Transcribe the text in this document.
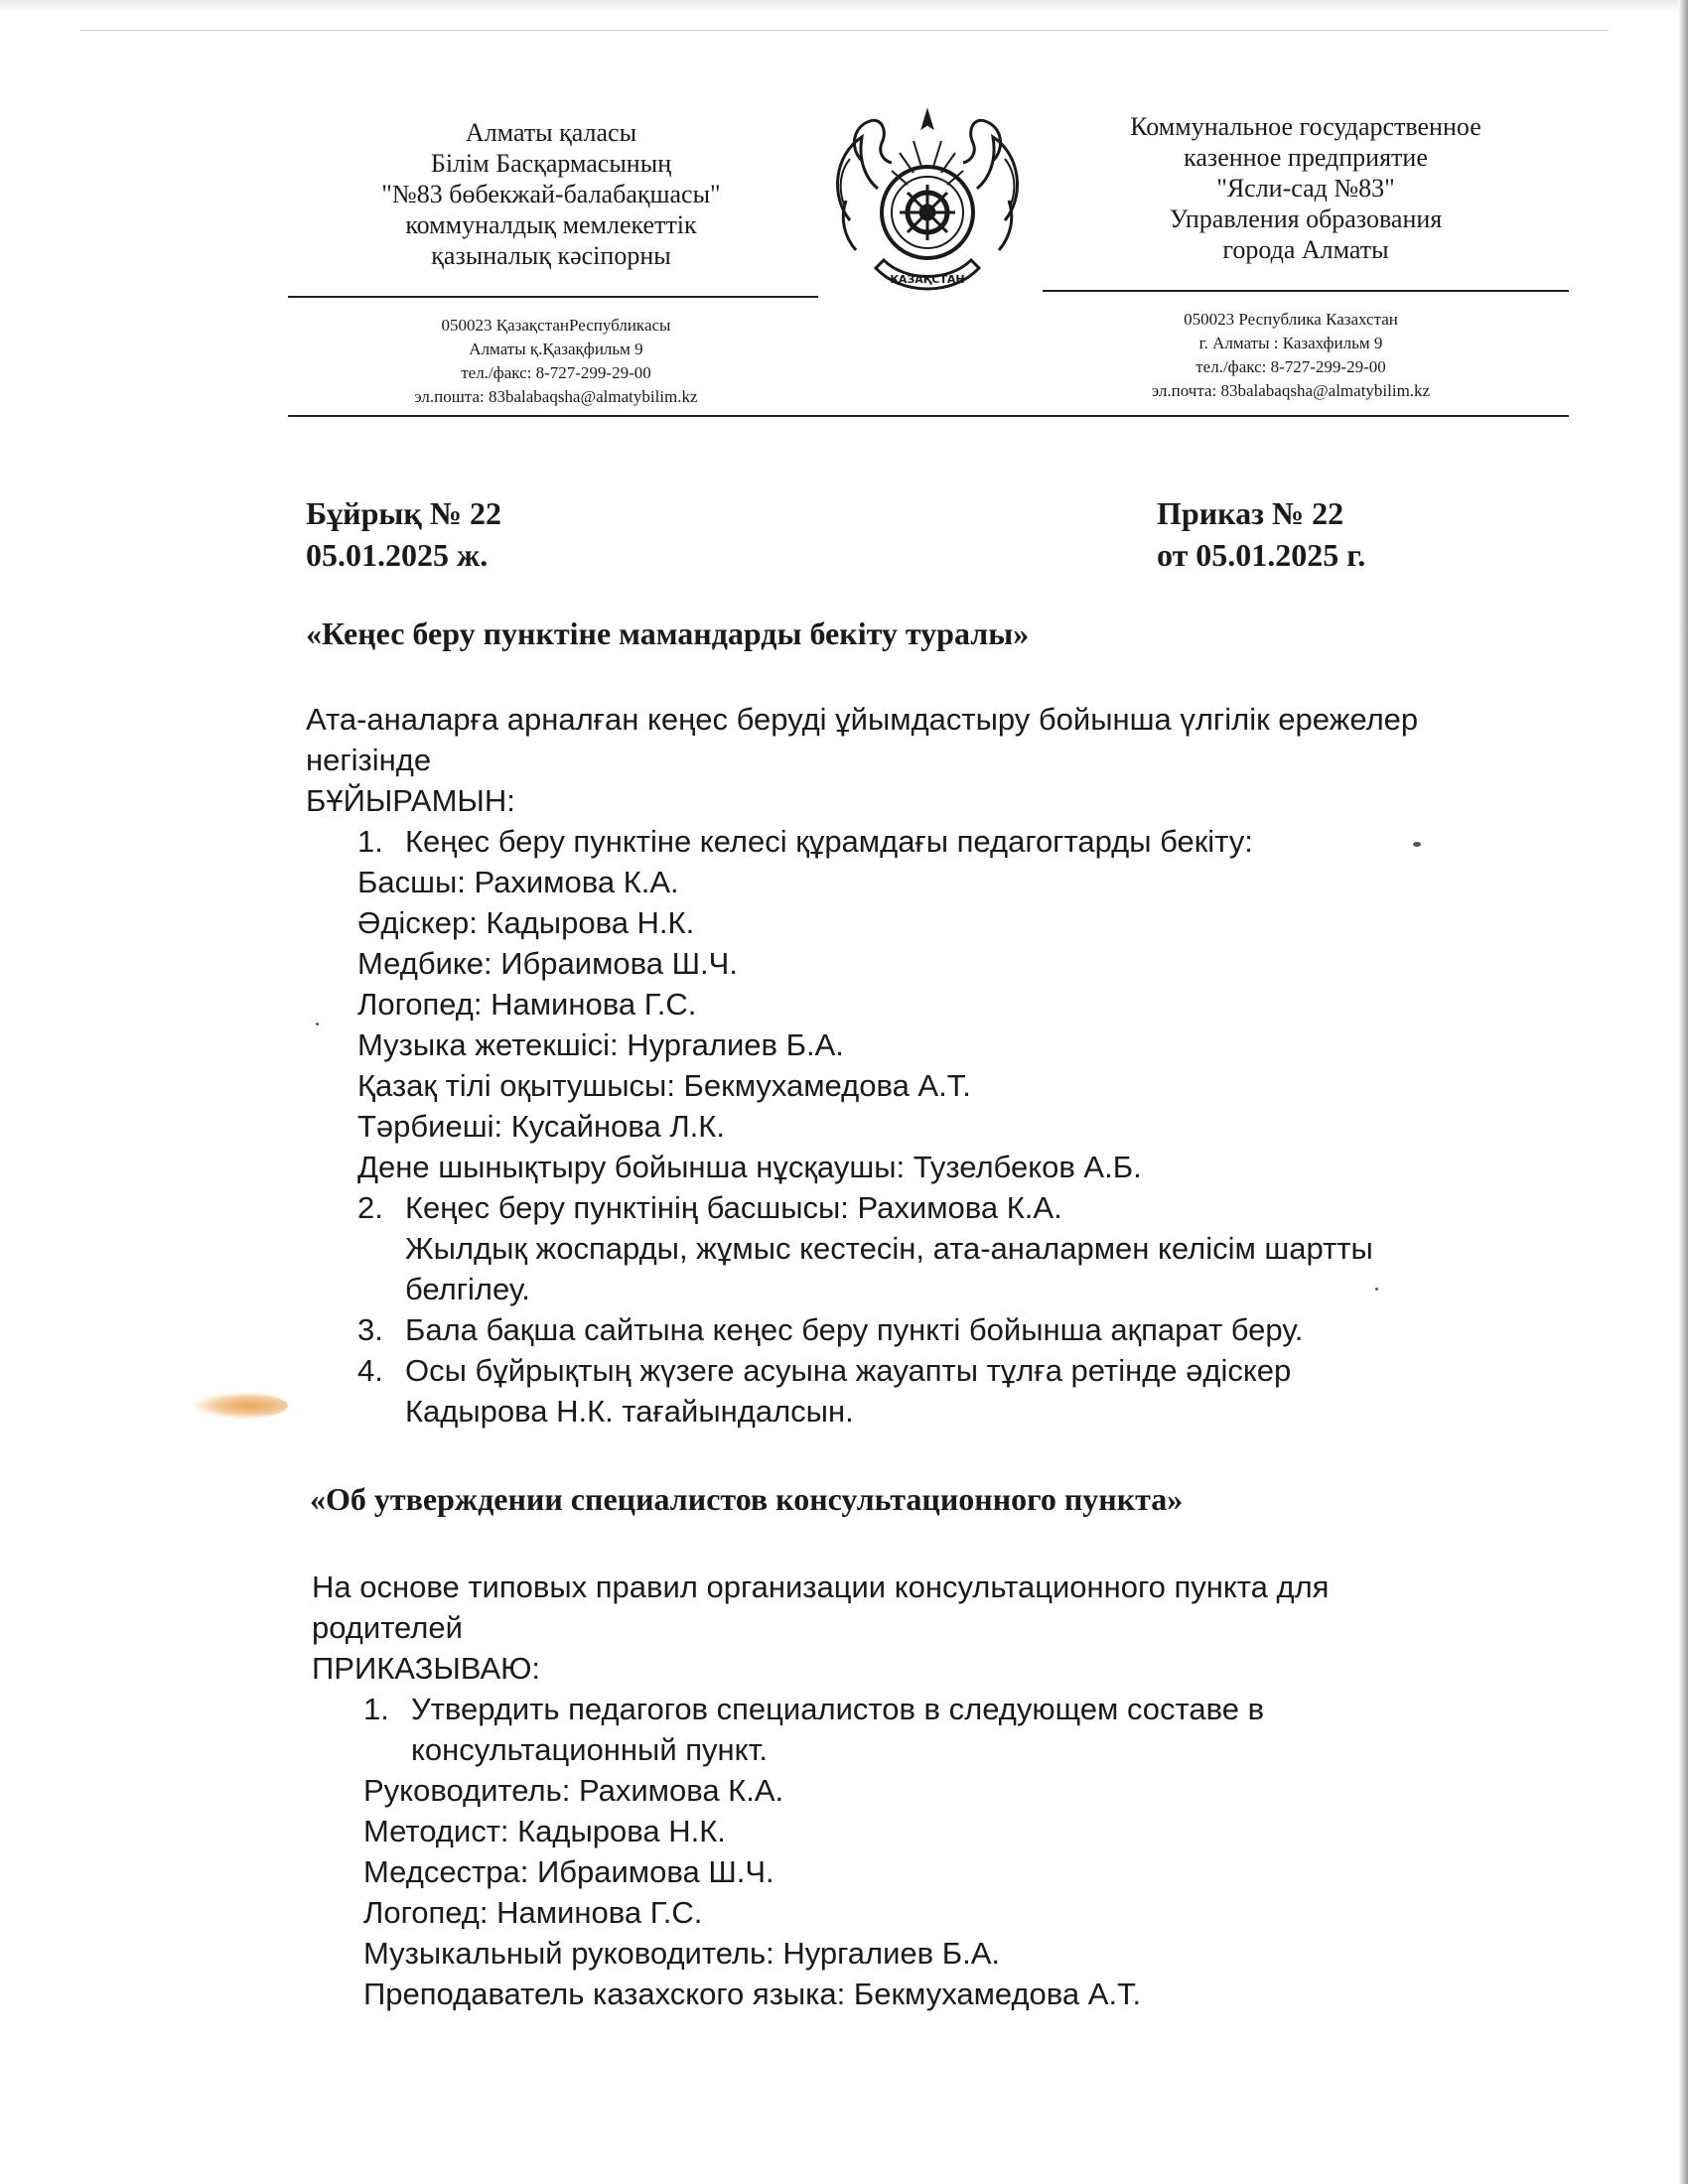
Алматы қаласы
Білім Басқармасының
"№83 бөбекжай-балабақшасы"
коммуналдық мемлекеттік
қазыналық кәсіпорны
Коммунальное государственное
казенное предприятие
"Ясли-сад №83"
Управления образования
города Алматы
ҚАЗАҚСТАН
050023 ҚазақстанРеспубликасы
Алматы қ.Қазақфильм 9
тел./факс: 8-727-299-29-00
эл.пошта: 83balabaqsha@almatybilim.kz
050023 Республика Казахстан
г. Алматы : Казахфильм 9
тел./факс: 8-727-299-29-00
эл.почта: 83balabaqsha@almatybilim.kz
Бұйрық № 22
05.01.2025 ж.
Приказ № 22
от 05.01.2025 г.
«Кеңес беру пунктіне мамандарды бекіту туралы»
Ата-аналарға арналған кеңес беруді ұйымдастыру бойынша үлгілік ережелер
негізінде
БҰЙЫРАМЫН:
1. Кеңес беру пунктіне келесі құрамдағы педагогтарды бекіту:
Басшы: Рахимова К.А.
Әдіскер: Кадырова Н.К.
Медбике: Ибраимова Ш.Ч.
Логопед: Наминова Г.С.
Музыка жетекшісі: Нургалиев Б.А.
Қазақ тілі оқытушысы: Бекмухамедова А.Т.
Тәрбиеші: Кусайнова Л.К.
Дене шынықтыру бойынша нұсқаушы: Тузелбеков А.Б.
2. Кеңес беру пунктінің басшысы: Рахимова К.А.
Жылдық жоспарды, жұмыс кестесін, ата-аналармен келісім шартты
белгілеу.
3. Бала бақша сайтына кеңес беру пункті бойынша ақпарат беру.
4. Осы бұйрықтың жүзеге асуына жауапты тұлға ретінде әдіскер
Кадырова Н.К. тағайындалсын.
«Об утверждении специалистов консультационного пункта»
На основе типовых правил организации консультационного пункта для
родителей
ПРИКАЗЫВАЮ:
1. Утвердить педагогов специалистов в следующем составе в
консультационный пункт.
Руководитель: Рахимова К.А.
Методист: Кадырова Н.К.
Медсестра: Ибраимова Ш.Ч.
Логопед: Наминова Г.С.
Музыкальный руководитель: Нургалиев Б.А.
Преподаватель казахского языка: Бекмухамедова А.Т.
